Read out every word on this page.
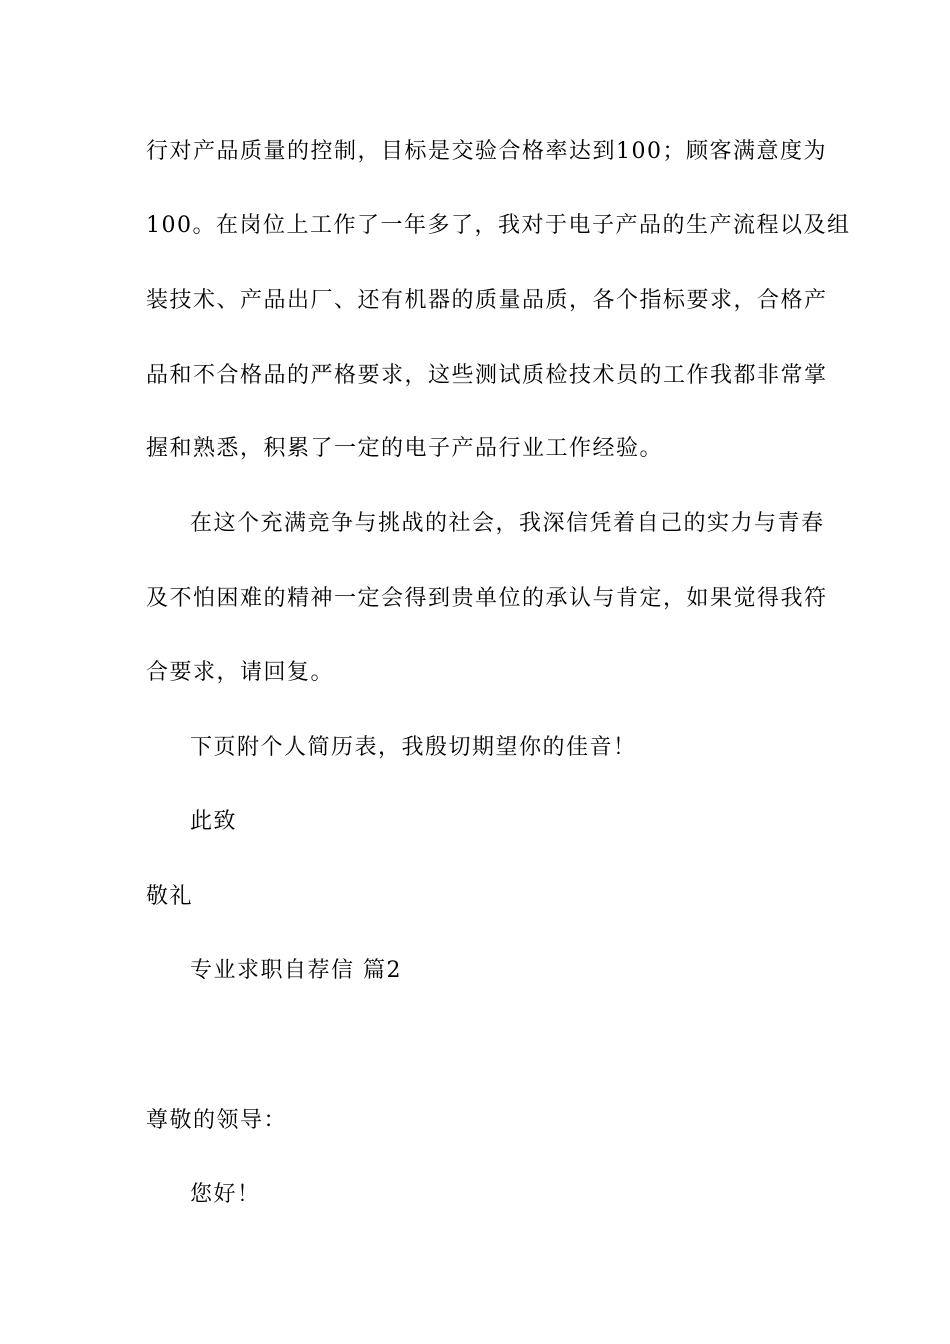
行对产品质量的控制，目标是交验合格率达到100；顾客满意度为
100。在岗位上工作了一年多了，我对于电子产品的生产流程以及组
装技术、产品出厂、还有机器的质量品质，各个指标要求，合格产
品和不合格品的严格要求，这些测试质检技术员的工作我都非常掌
握和熟悉，积累了一定的电子产品行业工作经验。
在这个充满竞争与挑战的社会，我深信凭着自己的实力与青春
及不怕困难的精神一定会得到贵单位的承认与肯定，如果觉得我符
合要求，请回复。
下页附个人简历表，我殷切期望你的佳音！
此致
敬礼
专业求职自荐信 篇2
尊敬的领导：
您好！
